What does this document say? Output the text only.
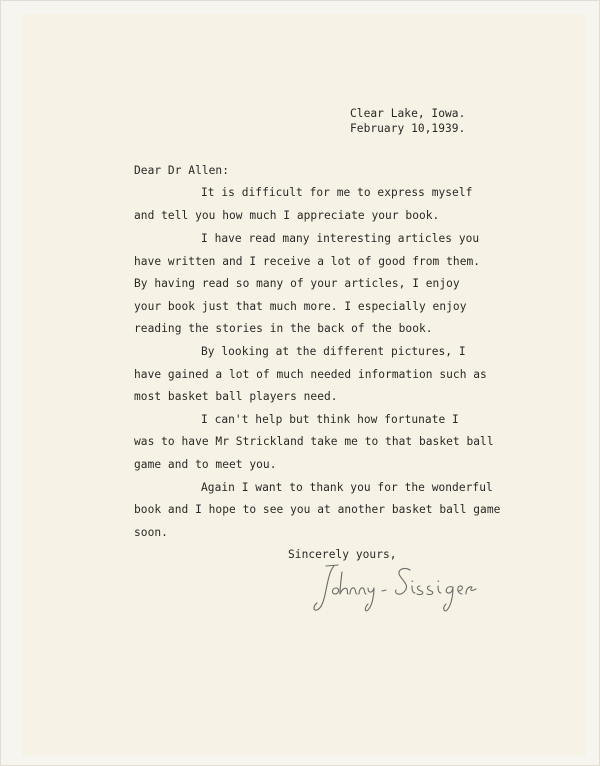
Clear Lake, Iowa.
February 10,1939.
Dear Dr Allen:
It is difficult for me to express myself
and tell you how much I appreciate your book.
I have read many interesting articles you
have written and I receive a lot of good from them.
By having read so many of your articles, I enjoy
your book just that much more. I especially enjoy
reading the stories in the back of the book.
By looking at the different pictures, I
have gained a lot of much needed information such as
most basket ball players need.
I can't help but think how fortunate I
was to have Mr Strickland take me to that basket ball
game and to meet you.
Again I want to thank you for the wonderful
book and I hope to see you at another basket ball game
soon.
Sincerely yours,
